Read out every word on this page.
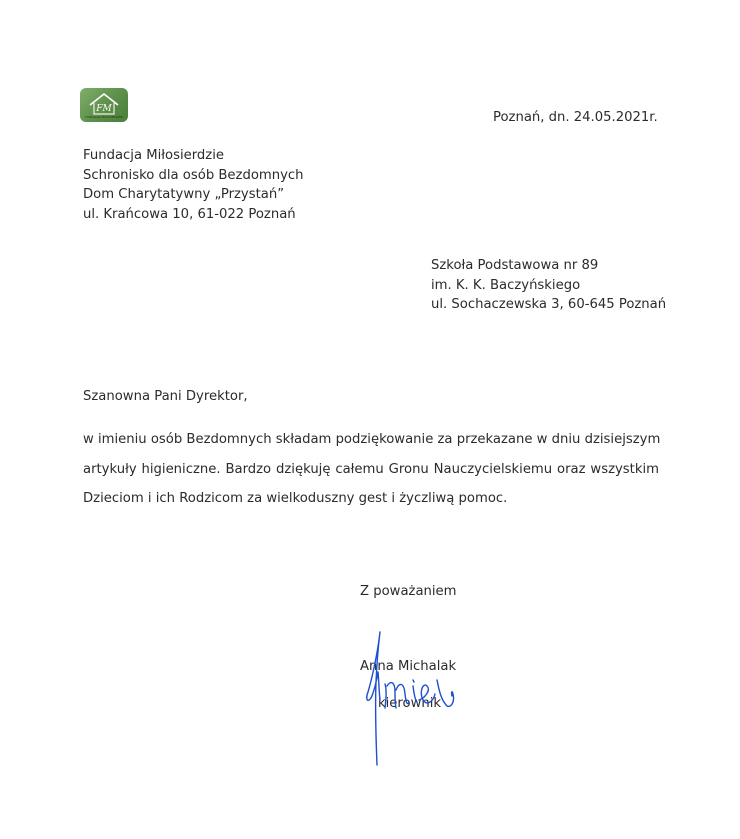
FM
FUNDACJA MIŁOSIERDZIE	Poznań, dn. 24.05.2021r.
Fundacja Miłosierdzie
Schronisko dla osób Bezdomnych
Dom Charytatywny „Przystań”
ul. Krańcowa 10, 61-022 Poznań
Szkoła Podstawowa nr 89
im. K. K. Baczyńskiego
ul. Sochaczewska 3, 60-645 Poznań
Szanowna Pani Dyrektor,
w imieniu osób Bezdomnych składam podziękowanie za przekazane w dniu dzisiejszym
artykuły higieniczne. Bardzo dziękuję całemu Gronu Nauczycielskiemu oraz wszystkim
Dzieciom i ich Rodzicom za wielkoduszny gest i życzliwą pomoc.
Z poważaniem
Anna Michalak
kierownik
